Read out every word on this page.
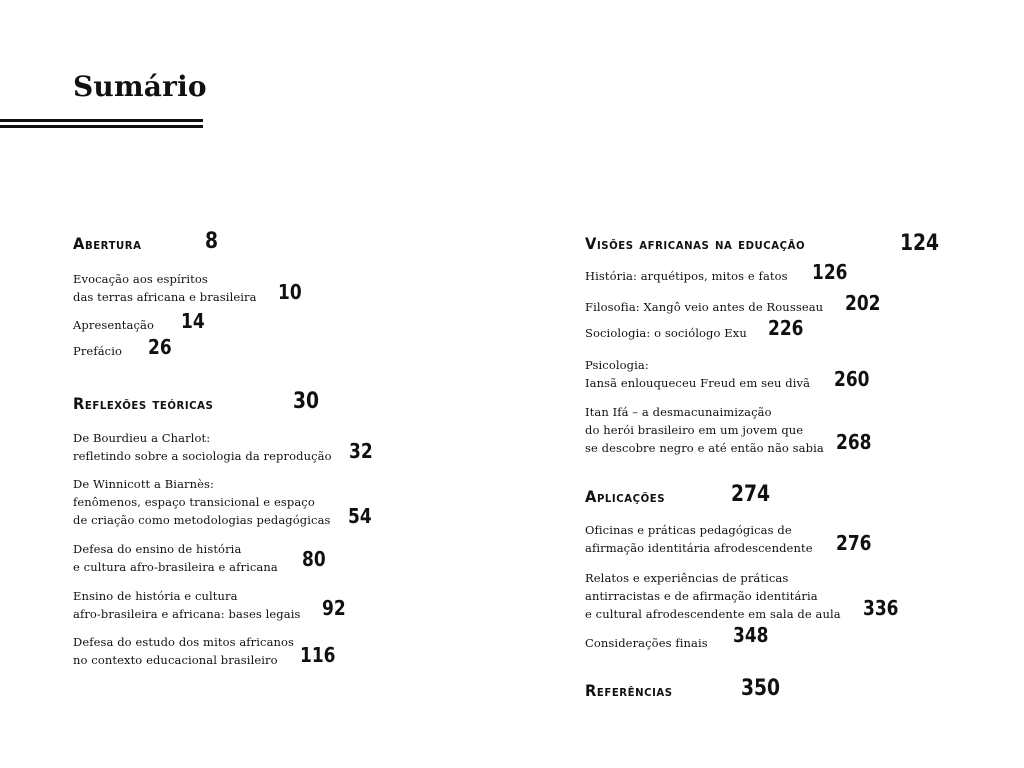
Sumário
Abertura	8
Evocação aos espíritos
das terras africana e brasileira 10
Apresentação 14
Prefácio 26
Reflexões teóricas	30
De Bourdieu a Charlot:
refletindo sobre a sociologia da reprodução 32
De Winnicott a Biarnès:
fenômenos, espaço transicional e espaço
de criação como metodologias pedagógicas 54
Defesa do ensino de história
e cultura afro-brasileira e africana 80
Ensino de história e cultura
afro-brasileira e africana: bases legais 92
Defesa do estudo dos mitos africanos
no contexto educacional brasileiro 116
Visões africanas na educação	124
História: arquétipos, mitos e fatos 126
Filosofia: Xangô veio antes de Rousseau 202
Sociologia: o sociólogo Exu 226
Psicologia:
Iansã enlouqueceu Freud em seu divã 260
Itan Ifá – a desmacunaimização
do herói brasileiro em um jovem que
se descobre negro e até então não sabia 268
Aplicações	274
Oficinas e práticas pedagógicas de
afirmação identitária afrodescendente 276
Relatos e experiências de práticas
antirracistas e de afirmação identitária
e cultural afrodescendente em sala de aula 336
Considerações finais 348
Referências	350
